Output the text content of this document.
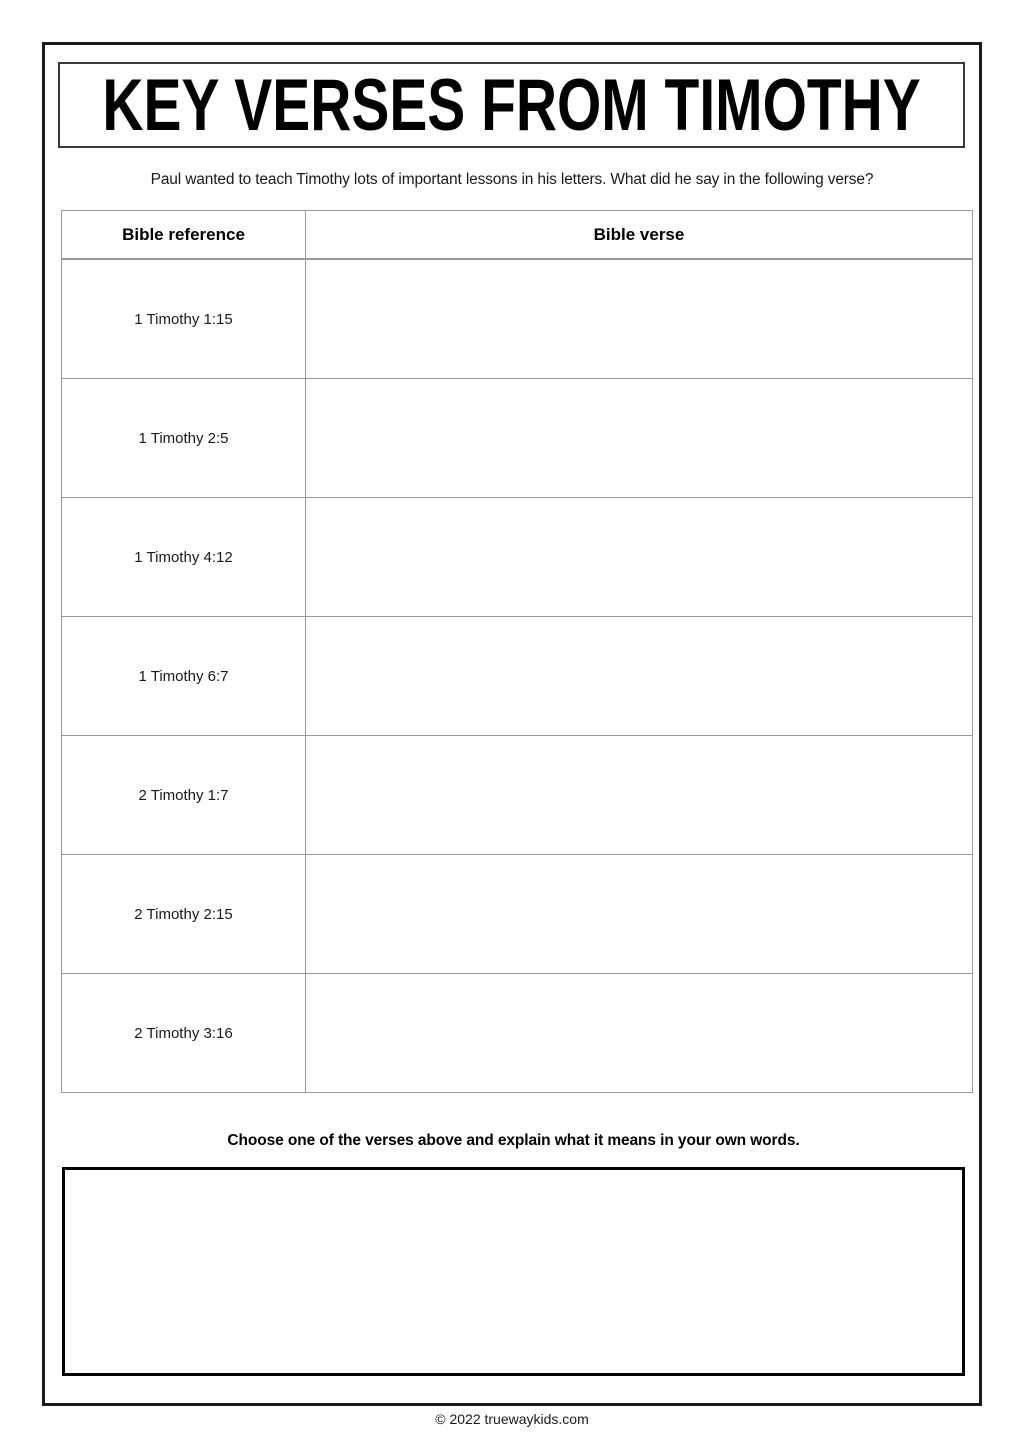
KEY VERSES FROM TIMOTHY
Paul wanted to teach Timothy lots of important lessons in his letters. What did he say in the following verse?
Bible reference	Bible verse
1 Timothy 1:15	
1 Timothy 2:5	
1 Timothy 4:12	
1 Timothy 6:7	
2 Timothy 1:7	
2 Timothy 2:15	
2 Timothy 3:16	
Choose one of the verses above and explain what it means in your own words.
© 2022 truewaykids.com
